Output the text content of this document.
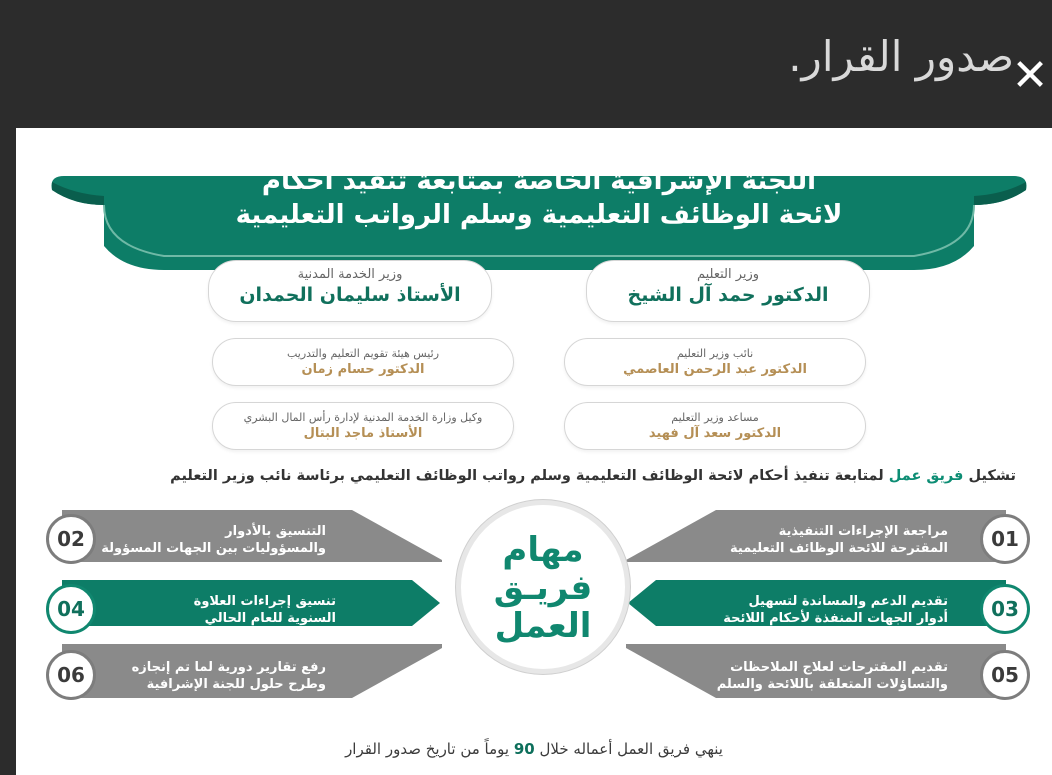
صدور القرار.
✕
اللجنة الإشرافية الخاصة بمتابعة تنفيذ أحكام
لائحة الوظائف التعليمية وسلم الرواتب التعليمية
وزير التعليم
الدكتور حمد آل الشيخ
وزير الخدمة المدنية
الأستاذ سليمان الحمدان
نائب وزير التعليم
الدكتور عبد الرحمن العاصمي
رئيس هيئة تقويم التعليم والتدريب
الدكتور حسام زمان
مساعد وزير التعليم
الدكتور سعد آل فهيد
وكيل وزارة الخدمة المدنية لإدارة رأس المال البشري
الأستاذ ماجد البتال
تشكيل فريق عمل لمتابعة تنفيذ أحكام لائحة الوظائف التعليمية وسلم رواتب الوظائف التعليمي برئاسة نائب وزير التعليم
مراجعة الإجراءات التنفيذية
المقترحة للائحة الوظائف التعليمية
التنسيق بالأدوار
والمسؤوليات بين الجهات المسؤولة
تقديم الدعم والمساندة لتسهيل
أدوار الجهات المنفذة لأحكام اللائحة
تنسيق إجراءات العلاوة
السنوية للعام الحالي
تقديم المقترحات لعلاج الملاحظات
والتساؤلات المتعلقة باللائحة والسلم
رفع تقارير دورية لما تم إنجازه
وطرح حلول للجنة الإشرافية
01
02
03
04
05
06
مهام
فريـق
العمل
ينهي فريق العمل أعماله خلال 90 يوماً من تاريخ صدور القرار
